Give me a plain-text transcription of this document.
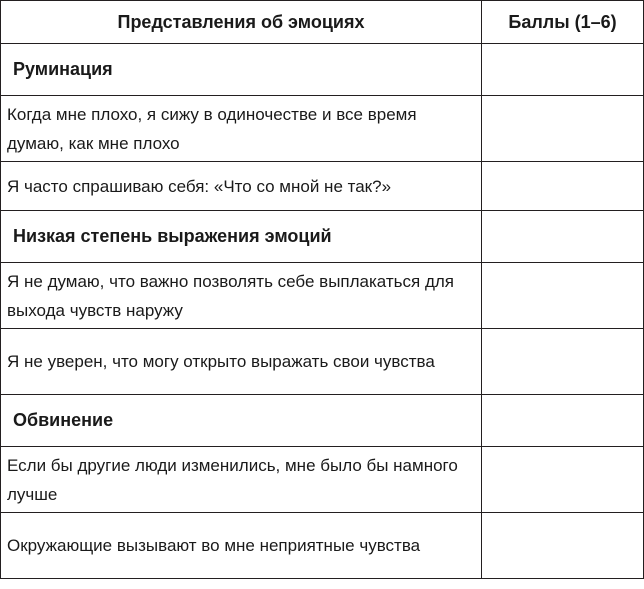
Представления об эмоциях	Баллы (1–6)
Руминация	
Когда мне плохо, я сижу в одиночестве и все время думаю, как мне плохо	
Я часто спрашиваю себя: «Что со мной не так?»	
Низкая степень выражения эмоций	
Я не думаю, что важно позволять себе выплакаться для выхода чувств наружу	
Я не уверен, что могу открыто выражать свои чувства	
Обвинение	
Если бы другие люди изменились, мне было бы намного лучше	
Окружающие вызывают во мне неприятные чувства	
